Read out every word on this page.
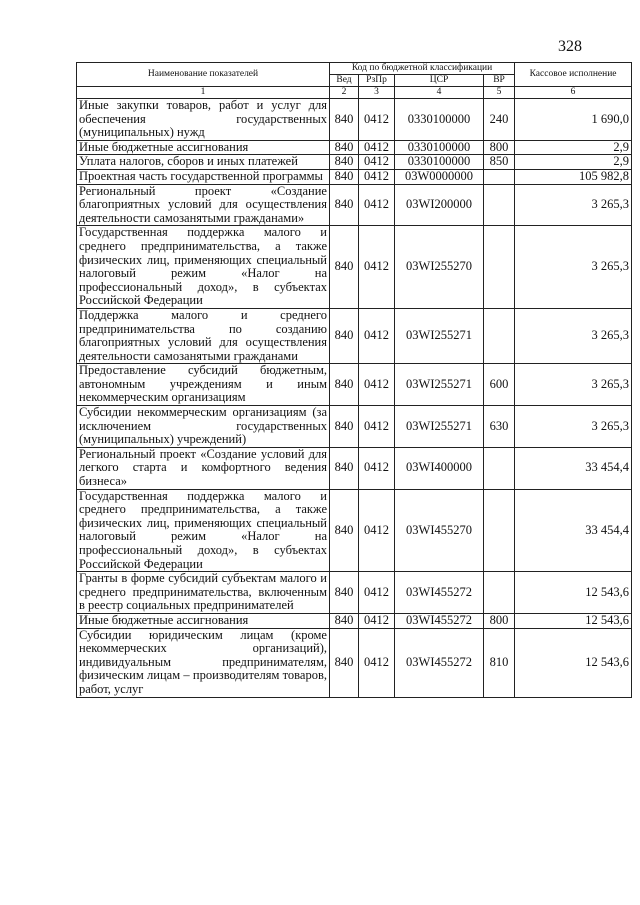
328
Наименование показателей	Код по бюджетной классификации				Кассовое исполнение
	Вед	РзПр	ЦСР	ВР	
1	2	3	4	5	6
Иные закупки товаров, работ и услуг для обеспечения государственных (муниципальных) нужд	840	0412	0330100000	240	1 690,0
Иные бюджетные ассигнования	840	0412	0330100000	800	2,9
Уплата налогов, сборов и иных платежей	840	0412	0330100000	850	2,9
Проектная часть государственной программы	840	0412	03W0000000		105 982,8
Региональный проект «Создание благоприятных условий для осуществления деятельности самозанятыми гражданами»	840	0412	03WI200000		3 265,3
Государственная поддержка малого и среднего предпринимательства, а также физических лиц, применяющих специальный налоговый режим «Налог на профессиональный доход», в субъектах Российской Федерации	840	0412	03WI255270		3 265,3
Поддержка малого и среднего предпринимательства по созданию благоприятных условий для осуществления деятельности самозанятыми гражданами	840	0412	03WI255271		3 265,3
Предоставление субсидий бюджетным, автономным учреждениям и иным некоммерческим организациям	840	0412	03WI255271	600	3 265,3
Субсидии некоммерческим организациям (за исключением государственных (муниципальных) учреждений)	840	0412	03WI255271	630	3 265,3
Региональный проект «Создание условий для легкого старта и комфортного ведения бизнеса»	840	0412	03WI400000		33 454,4
Государственная поддержка малого и среднего предпринимательства, а также физических лиц, применяющих специальный налоговый режим «Налог на профессиональный доход», в субъектах Российской Федерации	840	0412	03WI455270		33 454,4
Гранты в форме субсидий субъектам малого и среднего предпринимательства, включенным в реестр социальных предпринимателей	840	0412	03WI455272		12 543,6
Иные бюджетные ассигнования	840	0412	03WI455272	800	12 543,6
Субсидии юридическим лицам (кроме некоммерческих организаций), индивидуальным предпринимателям, физическим лицам – производителям товаров, работ, услуг	840	0412	03WI455272	810	12 543,6
